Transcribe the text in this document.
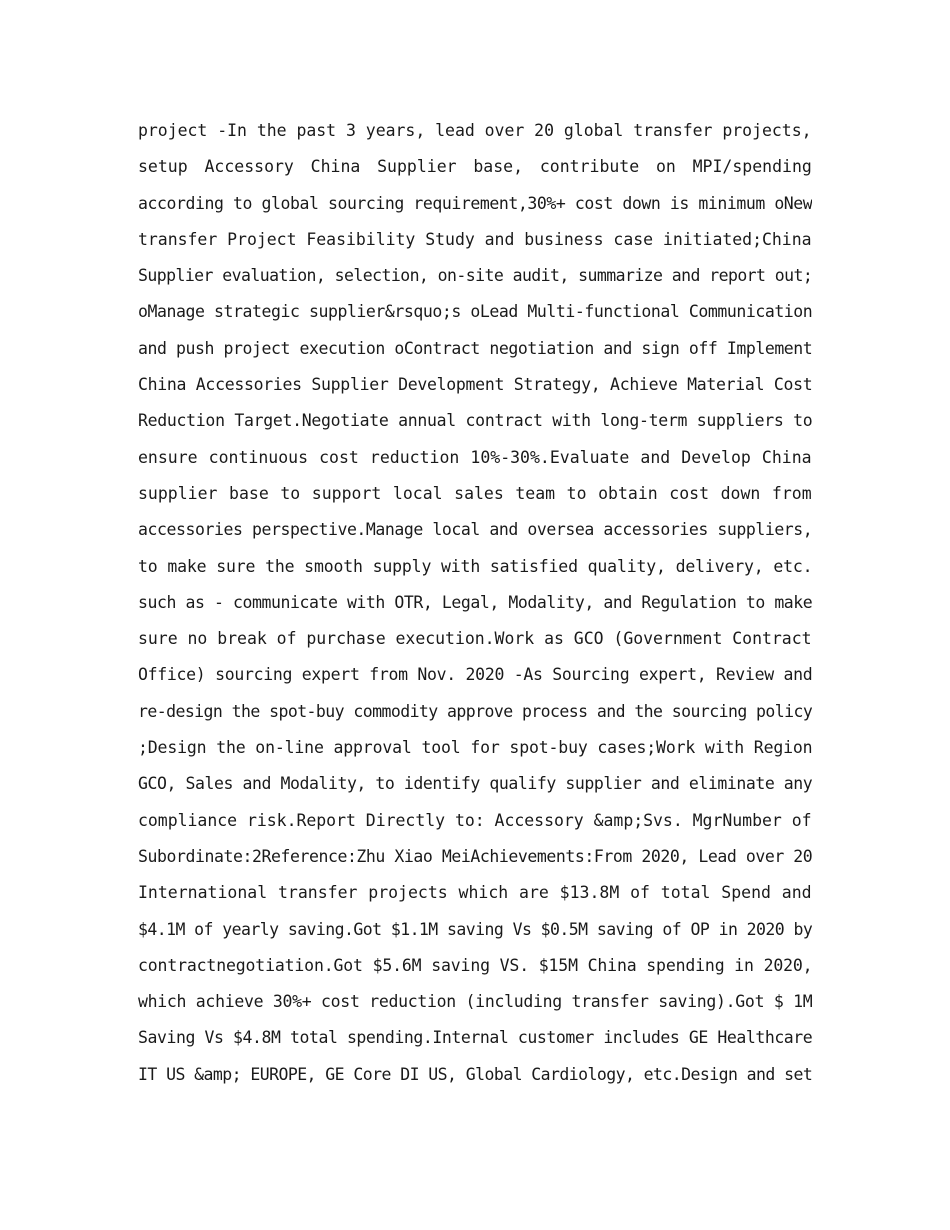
project -In the past 3 years, lead over 20 global transfer projects,
setup Accessory China Supplier base, contribute on MPI/spending
according to global sourcing requirement,30%+ cost down is minimum oNew
transfer Project Feasibility Study and business case initiated;China
Supplier evaluation, selection, on-site audit, summarize and report out;
oManage strategic supplier&rsquo;s oLead Multi-functional Communication
and push project execution oContract negotiation and sign off Implement
China Accessories Supplier Development Strategy, Achieve Material Cost
Reduction Target.Negotiate annual contract with long-term suppliers to
ensure continuous cost reduction 10%-30%.Evaluate and Develop China
supplier base to support local sales team to obtain cost down from
accessories perspective.Manage local and oversea accessories suppliers,
to make sure the smooth supply with satisfied quality, delivery, etc.
such as - communicate with OTR, Legal, Modality, and Regulation to make
sure no break of purchase execution.Work as GCO (Government Contract
Office) sourcing expert from Nov. 2020 -As Sourcing expert, Review and
re-design the spot-buy commodity approve process and the sourcing policy
;Design the on-line approval tool for spot-buy cases;Work with Region
GCO, Sales and Modality, to identify qualify supplier and eliminate any
compliance risk.Report Directly to: Accessory &amp;Svs. MgrNumber of
Subordinate:2Reference:Zhu Xiao MeiAchievements:From 2020, Lead over 20
International transfer projects which are $13.8M of total Spend and
$4.1M of yearly saving.Got $1.1M saving Vs $0.5M saving of OP in 2020 by
contractnegotiation.Got $5.6M saving VS. $15M China spending in 2020,
which achieve 30%+ cost reduction (including transfer saving).Got $ 1M
Saving Vs $4.8M total spending.Internal customer includes GE Healthcare
IT US &amp; EUROPE, GE Core DI US, Global Cardiology, etc.Design and set
